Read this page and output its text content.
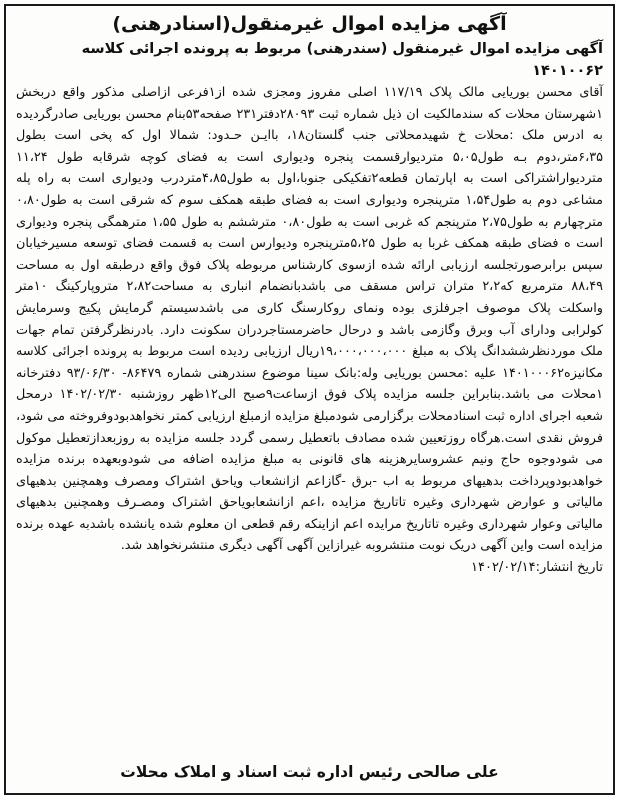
آگهی مزایده اموال غیرمنقول(اسنادرهنی)
آگهی مزایده اموال غیرمنقول (سندرهنی) مربوط به پرونده اجرائی کلاسه ۱۴۰۱۰۰۶۲

آقای محسن بوریایی مالک پلاک ۱۱۷/۱۹ اصلی مفروز ومجزی شده از۱فرعی ازاصلی مذکور واقع دربخش ۱شهرستان محلات که سندمالکیت ان ذیل شماره ثبت ۲۸۰۹۳دفتر۲۳۱ صفحه۵۳بنام محسن بوریایی صادرگردیده به ادرس ملک :محلات خ شهیدمحلاتی جنب گلستان۱۸، باایـن حـدود: شمالا اول که پخی است بطول ۶،۳۵متر،دوم بـه طول۵،۰۵ متردیوارقسمت پنجره ودیواری است به فضای کوچه شرقابه طول ۱۱،۲۴ متردیواراشتراکی است به اپارتمان قطعه۲تفکیکی جنوبا،اول به طول۴،۸۵متردرب ودیواری است به راه پله مشاعی دوم به طول۱،۵۴ مترپنجره ودیواری است به فضای طبقه همکف سوم که شرقی است به طول۰،۸۰ مترچهارم به طول۲،۷۵ مترپنجم که غربی است به طول۰،۸۰ مترششم به طول ۱،۵۵ مترهمگی پنجره ودیواری است ه فضای طبقه همکف غربا به طول ۵،۲۵مترپنجره ودیوارس است به قسمت فضای توسعه مسیرخیابان سپس برابرصورتجلسه ارزیابی ارائه شده ازسوی کارشناس مربوطه پلاک فوق واقع درطبقه اول به مساحت ۸۸،۴۹ مترمربع که۲،۲ متران تراس مسقف می باشدبانضمام انباری به مساحت۲،۸۲ متروپارکینگ ۱۰متر واسکلت پلاک موصوف اجرفلزی بوده ونمای روکارسنگ کاری می باشدسیستم گرمایش پکیج وسرمایش کولرابی ودارای آب وبرق وگازمی باشد و درحال حاضرمستاجردران سکونت دارد. بادرنظرگرفتن تمام جهات ملک موردنظرششدانگ پلاک به مبلغ ۱۹،۰۰۰،۰۰۰،۰۰۰ریال ارزیابی ردیده است مربوط به پرونده اجرائی کلاسه مکانیزه۱۴۰۱۰۰۰۶۲ علیه :محسن بوریایی وله:بانک سینا موضوع سندرهنی شماره ۸۶۴۷۹- ۹۳/۰۶/۳۰ دفترخانه ۱محلات می باشد.بنابراین جلسه مزایده پلاک فوق ازساعت۹صبح الی۱۲ظهر روزشنبه ۱۴۰۲/۰۲/۳۰ درمحل شعبه اجرای اداره ثبت اسنادمحلات برگزارمی شودمبلغ مزایده ازمبلغ ارزیابی کمتر نخواهدبودوفروخته می شود، فروش نقدی است.هرگاه روزتعیین شده مصادف باتعطیل رسمی گردد جلسه مزایده به روزبعدازتعطیل موکول می شودوجوه حاج ونیم عشروسایرهزینه های قانونی به مبلغ مزایده اضافه می شودوبعهده برنده مزایده خواهدبودوپرداخت بدهیهای مربوط به اب -برق -گازاعم ازانشعاب ویاحق اشتراک ومصرف وهمچنین بدهیهای مالیاتی و عوارض شهرداری وغیره تاتاریخ مزایده ،اعم ازانشعابویاحق اشتراک ومصـرف وهمچنین بدهیهای مالیاتی وعوار شهرداری وغیره تاتاریخ مرایده اعم ازاینکه رقم قطعی ان معلوم شده یانشده باشدبه عهده برنده مزایده است واین آگهی دریک نوبت منتشروبه غیرازاین آگهی آگهی دیگری منتشرنخواهد شد.

تاریخ انتشار:۱۴۰۲/۰۲/۱۴
علی صالحی رئیس اداره ثبت اسناد و املاک محلات
